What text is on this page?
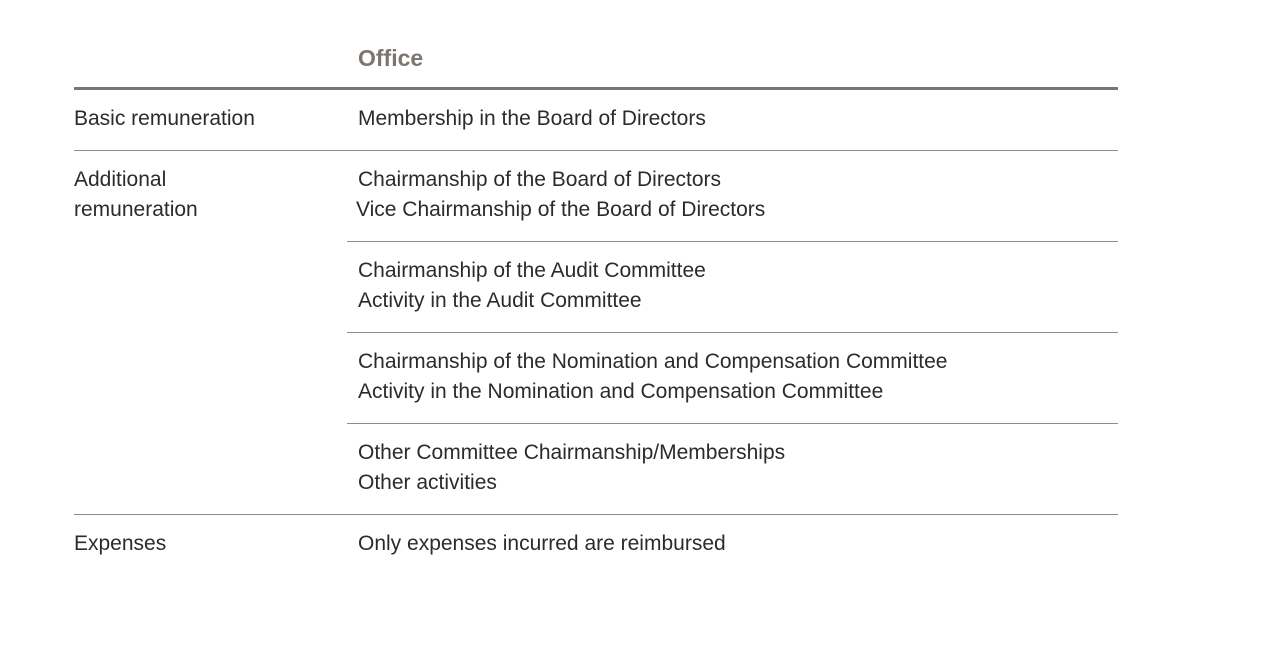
Office
Basic remuneration	Membership in the Board of Directors
Additional
remuneration
Chairmanship of the Board of Directors
Vice Chairmanship of the Board of Directors
Chairmanship of the Audit Committee
Activity in the Audit Committee
Chairmanship of the Nomination and Compensation Committee
Activity in the Nomination and Compensation Committee
Other Committee Chairmanship/Memberships
Other activities
Expenses	Only expenses incurred are reimbursed
